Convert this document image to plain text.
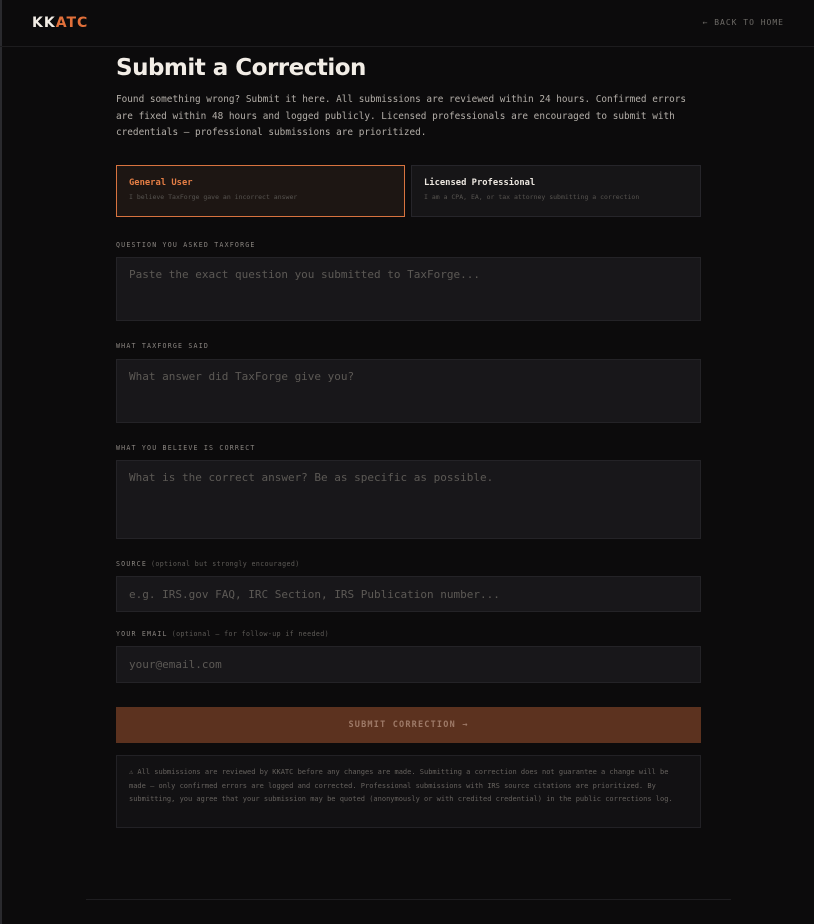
KKATC	← BACK TO HOME
Submit a Correction

Found something wrong? Submit it here. All submissions are reviewed within 24 hours. Confirmed errors are fixed within 48 hours and logged publicly. Licensed professionals are encouraged to submit with credentials — professional submissions are prioritized.

General User
I believe TaxForge gave an incorrect answer
Licensed Professional
I am a CPA, EA, or tax attorney submitting a correction
QUESTION YOU ASKED TAXFORGE
Paste the exact question you submitted to TaxForge...
WHAT TAXFORGE SAID
What answer did TaxForge give you?
WHAT YOU BELIEVE IS CORRECT
What is the correct answer? Be as specific as possible.
SOURCE (optional but strongly encouraged)
e.g. IRS.gov FAQ, IRC Section, IRS Publication number...
YOUR EMAIL (optional — for follow-up if needed)
your@email.com
SUBMIT CORRECTION →
⚠ All submissions are reviewed by KKATC before any changes are made. Submitting a correction does not guarantee a change will be made — only confirmed errors are logged and corrected. Professional submissions with IRS source citations are prioritized. By submitting, you agree that your submission may be quoted (anonymously or with credited credential) in the public corrections log.
